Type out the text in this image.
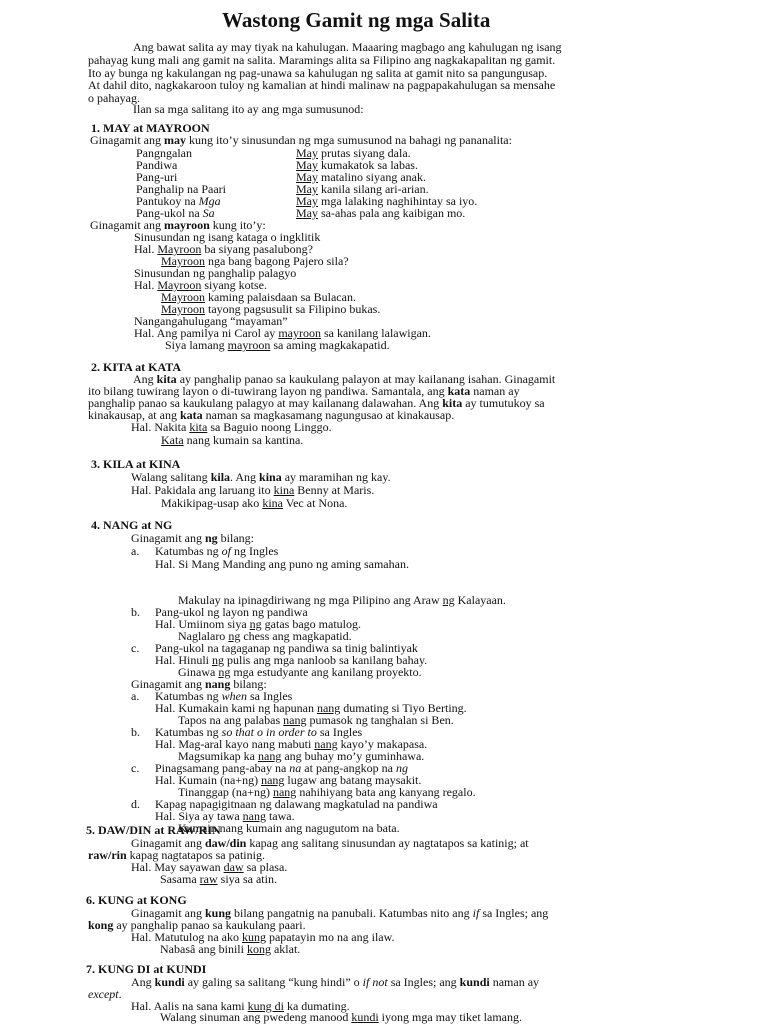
Wastong Gamit ng mga Salita
Ang bawat salita ay may tiyak na kahulugan. Maaaring magbago ang kahulugan ng isang
pahayag kung mali ang gamit na salita. Maramings alita sa Filipino ang nagkakapalitan ng gamit.
Ito ay bunga ng kakulangan ng pag-unawa sa kahulugan ng salita at gamit nito sa pangungusap.
At dahil dito, nagkakaroon tuloy ng kamalian at hindi malinaw na pagpapakahulugan sa mensahe
o pahayag.
Ilan sa mga salitang ito ay ang mga sumusunod:
1. MAY at MAYROON
Ginagamit ang may kung ito’y sinusundan ng mga sumusunod na bahagi ng pananalita:
Pangngalan	May prutas siyang dala.
Pandiwa	May kumakatok sa labas.
Pang-uri	May matalino siyang anak.
Panghalip na Paari	May kanila silang ari-arian.
Pantukoy na Mga	May mga lalaking naghihintay sa iyo.
Pang-ukol na Sa	May sa-ahas pala ang kaibigan mo.
Ginagamit ang mayroon kung ito’y:
Sinusundan ng isang kataga o ingklitik
Hal. Mayroon ba siyang pasalubong?
Mayroon nga bang bagong Pajero sila?
Sinusundan ng panghalip palagyo
Hal. Mayroon siyang kotse.
Mayroon kaming palaisdaan sa Bulacan.
Mayroon tayong pagsusulit sa Filipino bukas.
Nangangahulugang “mayaman”
Hal. Ang pamilya ni Carol ay mayroon sa kanilang lalawigan.
Siya lamang mayroon sa aming magkakapatid.
2. KITA at KATA
Ang kita ay panghalip panao sa kaukulang palayon at may kailanang isahan. Ginagamit
ito bilang tuwirang layon o di-tuwirang layon ng pandiwa. Samantala, ang kata naman ay
panghalip panao sa kaukulang palagyo at may kailanang dalawahan. Ang kita ay tumutukoy sa
kinakausap, at ang kata naman sa magkasamang nagungusao at kinakausap.
Hal. Nakita kita sa Baguio noong Linggo.
Kata nang kumain sa kantina.
3. KILA at KINA
Walang salitang kila. Ang kina ay maramihan ng kay.
Hal. Pakidala ang laruang ito kina Benny at Maris.
Makikipag-usap ako kina Vec at Nona.
4. NANG at NG
Ginagamit ang ng bilang:
a. Katumbas ng of ng Ingles
Hal. Si Mang Manding ang puno ng aming samahan.
Makulay na ipinagdiriwang ng mga Pilipino ang Araw ng Kalayaan.
b. Pang-ukol ng layon ng pandiwa
Hal. Umiinom siya ng gatas bago matulog.
Naglalaro ng chess ang magkapatid.
c. Pang-ukol na tagaganap ng pandiwa sa tinig balintiyak
Hal. Hinuli ng pulis ang mga nanloob sa kanilang bahay.
Ginawa ng mga estudyante ang kanilang proyekto.
Ginagamit ang nang bilang:
a. Katumbas ng when sa Ingles
Hal. Kumakain kami ng hapunan nang dumating si Tiyo Berting.
Tapos na ang palabas nang pumasok ng tanghalan si Ben.
b. Katumbas ng so that o in order to sa Ingles
Hal. Mag-aral kayo nang mabuti nang kayo’y makapasa.
Magsumikap ka nang ang buhay mo’y guminhawa.
c. Pinagsamang pang-abay na na at pang-angkop na ng
Hal. Kumain (na+ng) nang lugaw ang batang maysakit.
Tinanggap (na+ng) nang nahihiyang bata ang kanyang regalo.
d. Kapag napagigitnaan ng dalawang magkatulad na pandiwa
Hal. Siya ay tawa nang tawa.
Kumain nang kumain ang nagugutom na bata.
5. DAW/DIN at RAW/RIN
Ginagamit ang daw/din kapag ang salitang sinusundan ay nagtatapos sa katinig; at
raw/rin kapag nagtatapos sa patinig.
Hal. May sayawan daw sa plasa.
Sasama raw siya sa atin.
6. KUNG at KONG
Ginagamit ang kung bilang pangatnig na panubali. Katumbas nito ang if sa Ingles; ang
kong ay panghalip panao sa kaukulang paari.
Hal. Matutulog na ako kung papatayin mo na ang ilaw.
Nabasâ ang binili kong aklat.
7. KUNG DI at KUNDI
Ang kundi ay galing sa salitang “kung hindi” o if not sa Ingles; ang kundi naman ay
except.
Hal. Aalis na sana kami kung di ka dumating.
Walang sinuman ang pwedeng manood kundi iyong mga may tiket lamang.
